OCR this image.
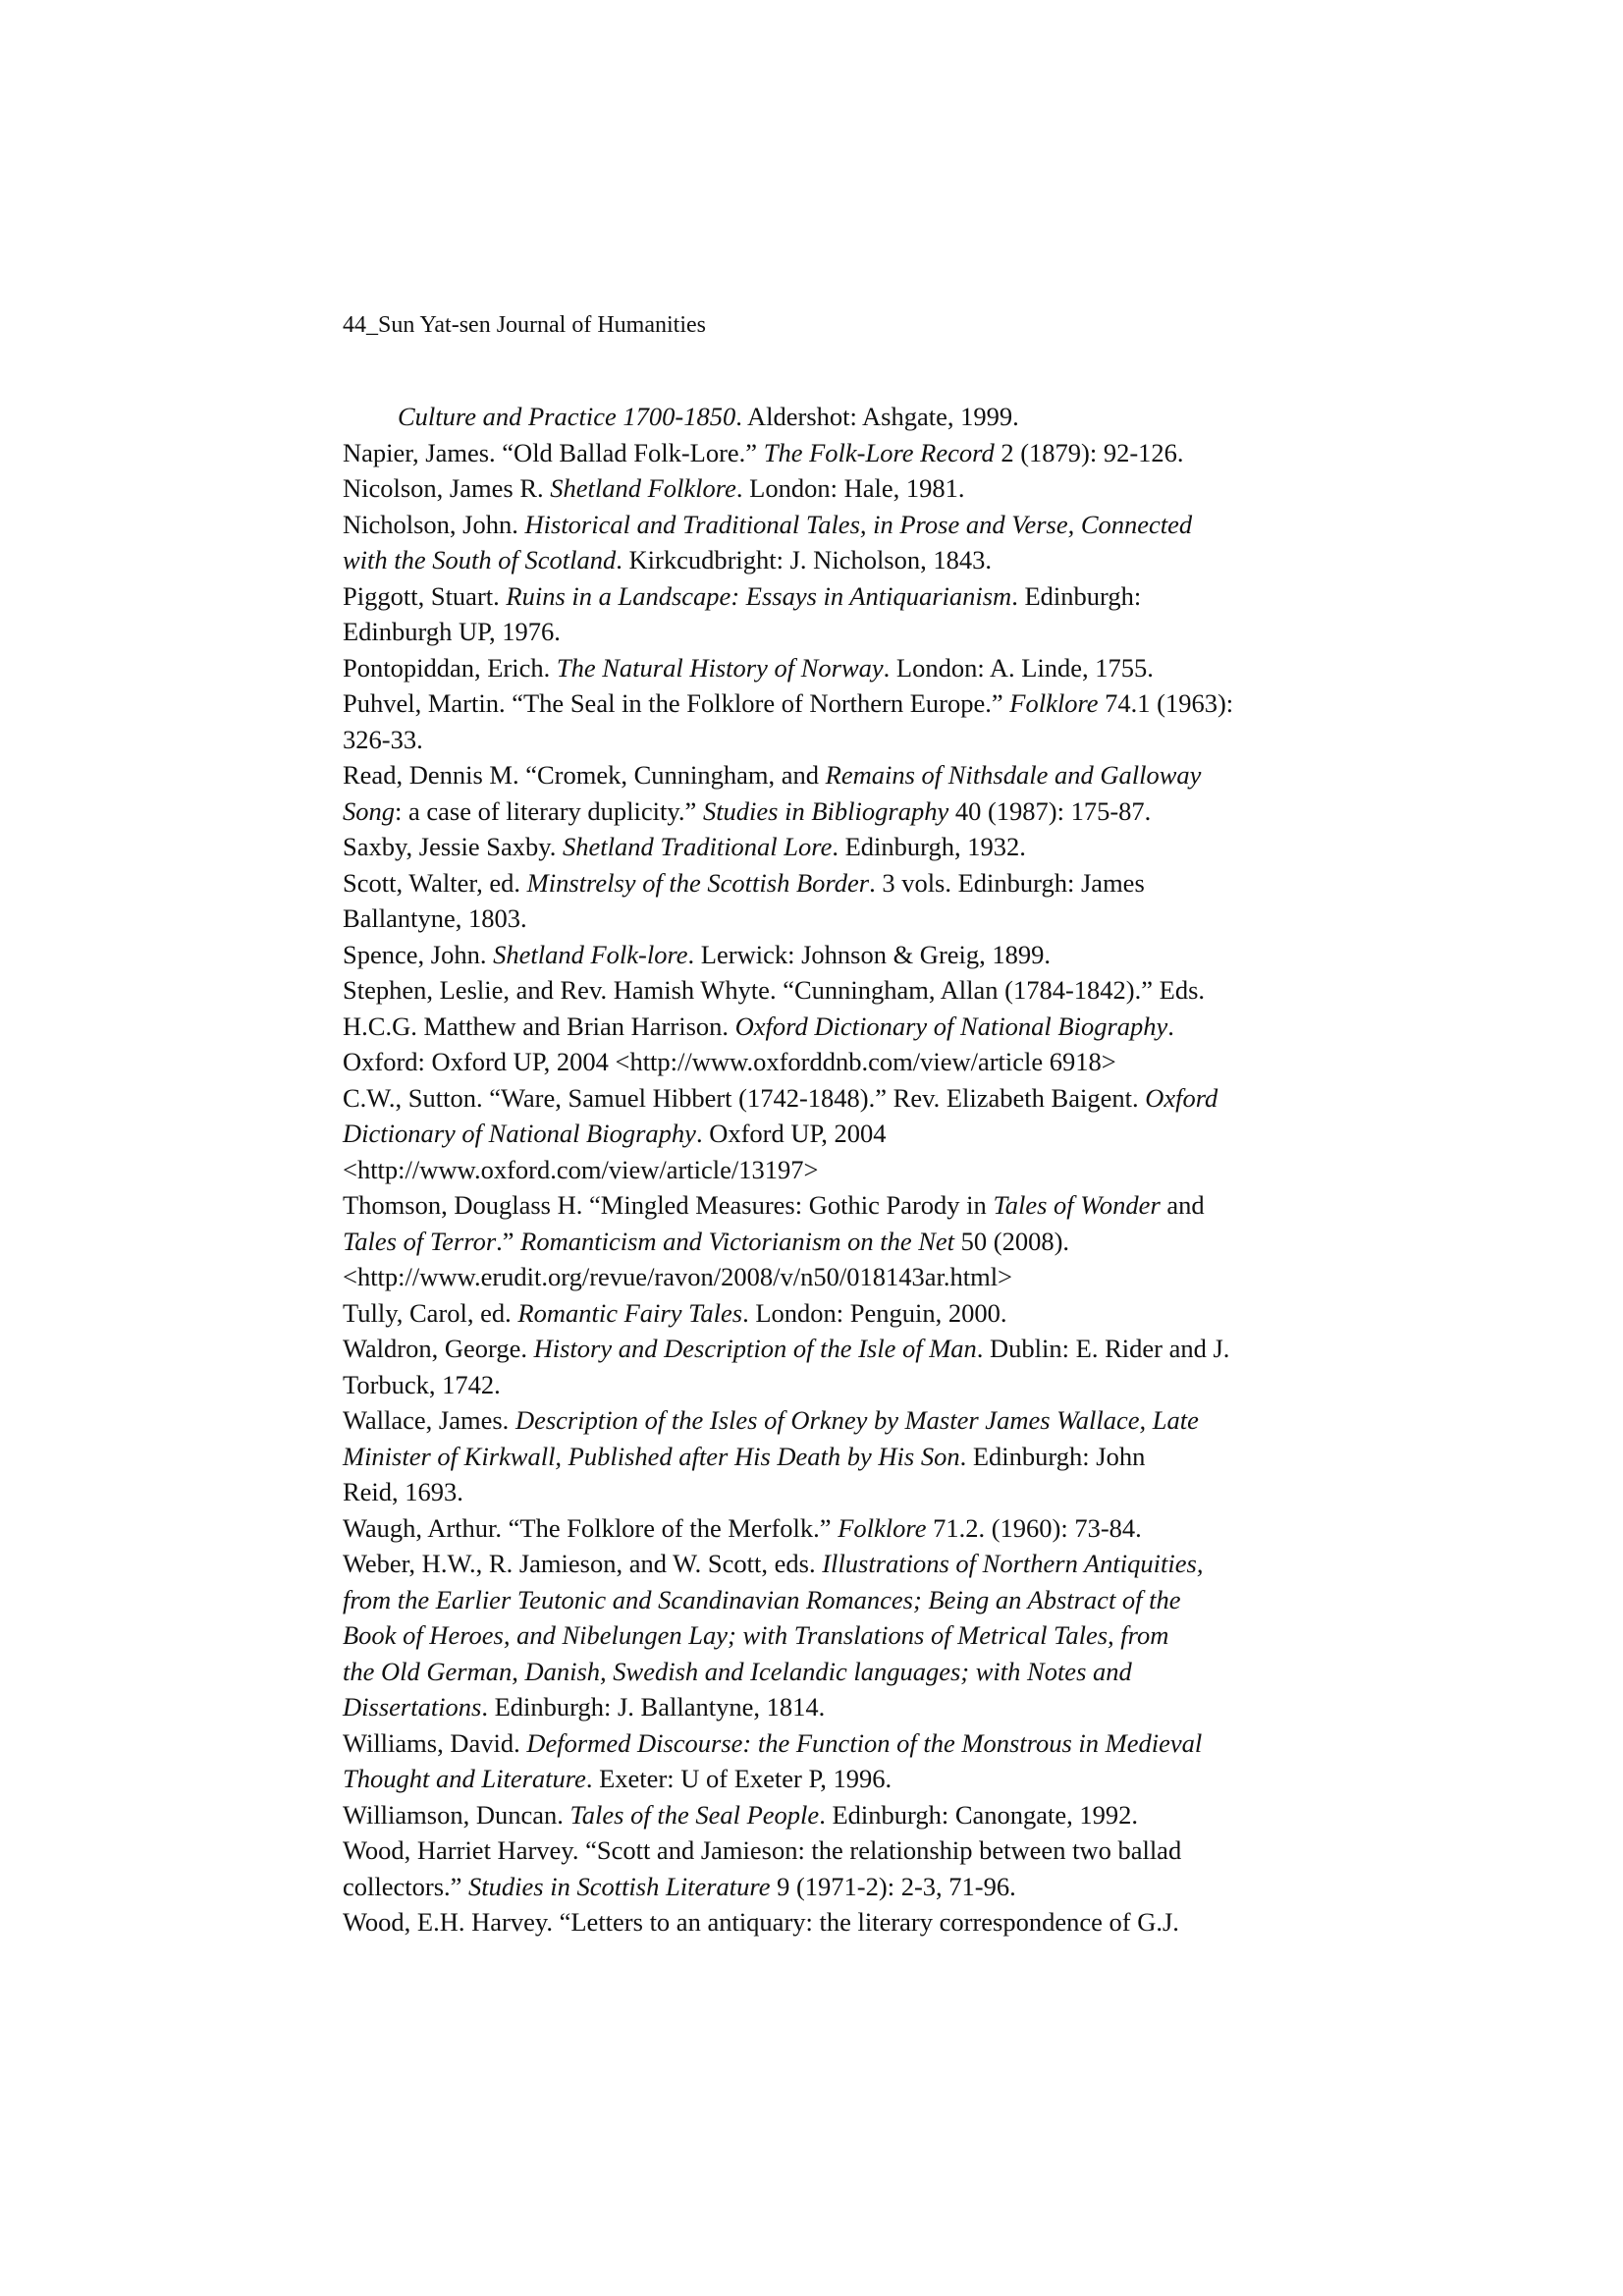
44_Sun Yat-sen Journal of Humanities

Culture and Practice 1700-1850. Aldershot: Ashgate, 1999.

Napier, James. “Old Ballad Folk-Lore.” The Folk-Lore Record 2 (1879): 92-126.

Nicolson, James R. Shetland Folklore. London: Hale, 1981.

Nicholson, John. Historical and Traditional Tales, in Prose and Verse, Connected
with the South of Scotland. Kirkcudbright: J. Nicholson, 1843.

Piggott, Stuart. Ruins in a Landscape: Essays in Antiquarianism. Edinburgh:
Edinburgh UP, 1976.

Pontopiddan, Erich. The Natural History of Norway. London: A. Linde, 1755.

Puhvel, Martin. “The Seal in the Folklore of Northern Europe.” Folklore 74.1 (1963):
326-33.

Read, Dennis M. “Cromek, Cunningham, and Remains of Nithsdale and Galloway
Song: a case of literary duplicity.” Studies in Bibliography 40 (1987): 175-87.

Saxby, Jessie Saxby. Shetland Traditional Lore. Edinburgh, 1932.

Scott, Walter, ed. Minstrelsy of the Scottish Border. 3 vols. Edinburgh: James
Ballantyne, 1803.

Spence, John. Shetland Folk-lore. Lerwick: Johnson & Greig, 1899.

Stephen, Leslie, and Rev. Hamish Whyte. “Cunningham, Allan (1784-1842).” Eds.
H.C.G. Matthew and Brian Harrison. Oxford Dictionary of National Biography.
Oxford: Oxford UP, 2004 <http://www.oxforddnb.com/view/article 6918>

C.W., Sutton. “Ware, Samuel Hibbert (1742-1848).” Rev. Elizabeth Baigent. Oxford
Dictionary of National Biography. Oxford UP, 2004
<http://www.oxford.com/view/article/13197>

Thomson, Douglass H. “Mingled Measures: Gothic Parody in Tales of Wonder and
Tales of Terror.” Romanticism and Victorianism on the Net 50 (2008).
<http://www.erudit.org/revue/ravon/2008/v/n50/018143ar.html>

Tully, Carol, ed. Romantic Fairy Tales. London: Penguin, 2000.

Waldron, George. History and Description of the Isle of Man. Dublin: E. Rider and J.
Torbuck, 1742.

Wallace, James. Description of the Isles of Orkney by Master James Wallace, Late
Minister of Kirkwall, Published after His Death by His Son. Edinburgh: John
Reid, 1693.

Waugh, Arthur. “The Folklore of the Merfolk.” Folklore 71.2. (1960): 73-84.

Weber, H.W., R. Jamieson, and W. Scott, eds. Illustrations of Northern Antiquities,
from the Earlier Teutonic and Scandinavian Romances; Being an Abstract of the
Book of Heroes, and Nibelungen Lay; with Translations of Metrical Tales, from
the Old German, Danish, Swedish and Icelandic languages; with Notes and
Dissertations. Edinburgh: J. Ballantyne, 1814.

Williams, David. Deformed Discourse: the Function of the Monstrous in Medieval
Thought and Literature. Exeter: U of Exeter P, 1996.

Williamson, Duncan. Tales of the Seal People. Edinburgh: Canongate, 1992.

Wood, Harriet Harvey. “Scott and Jamieson: the relationship between two ballad
collectors.” Studies in Scottish Literature 9 (1971-2): 2-3, 71-96.

Wood, E.H. Harvey. “Letters to an antiquary: the literary correspondence of G.J.
